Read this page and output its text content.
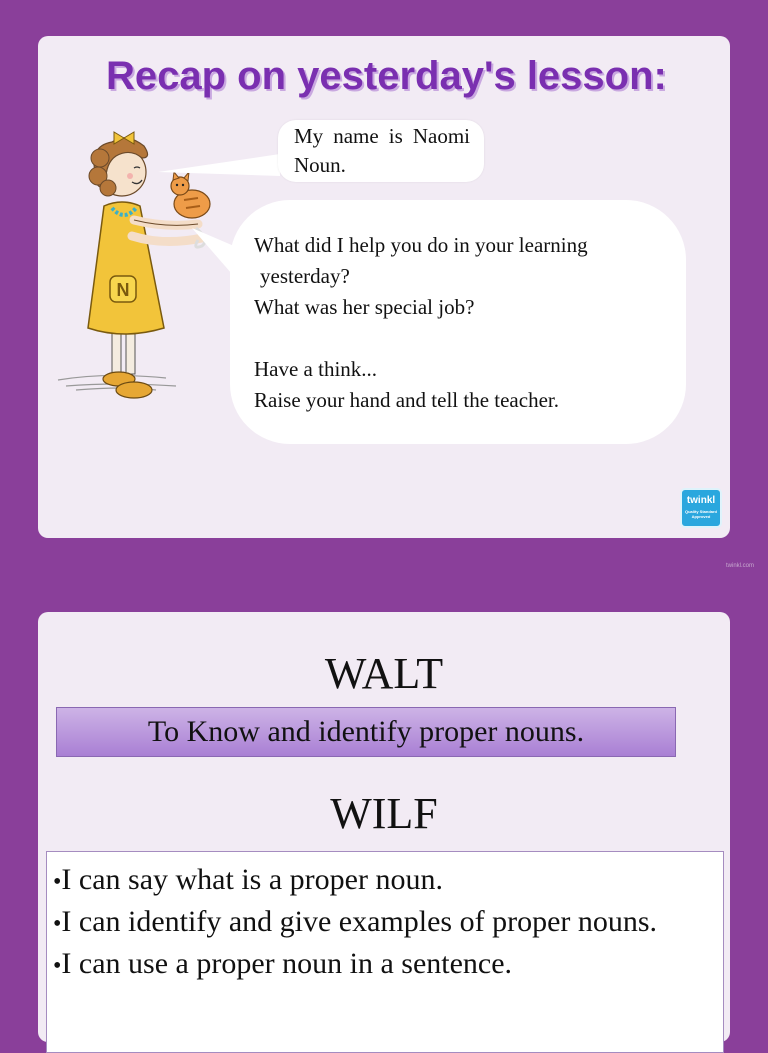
Recap on yesterday's lesson:
N
My name is Naomi Noun.

What did I help you do in your learning

yesterday?

What was her special job?

Have a think...

Raise your hand and tell the teacher.

twinkl
Quality Standard Approved
twinkl.com
WALT
To Know and identify proper nouns.
WILF
•I can say what is a proper noun.
•I can identify and give examples of proper nouns.
•I can use a proper noun in a sentence.
